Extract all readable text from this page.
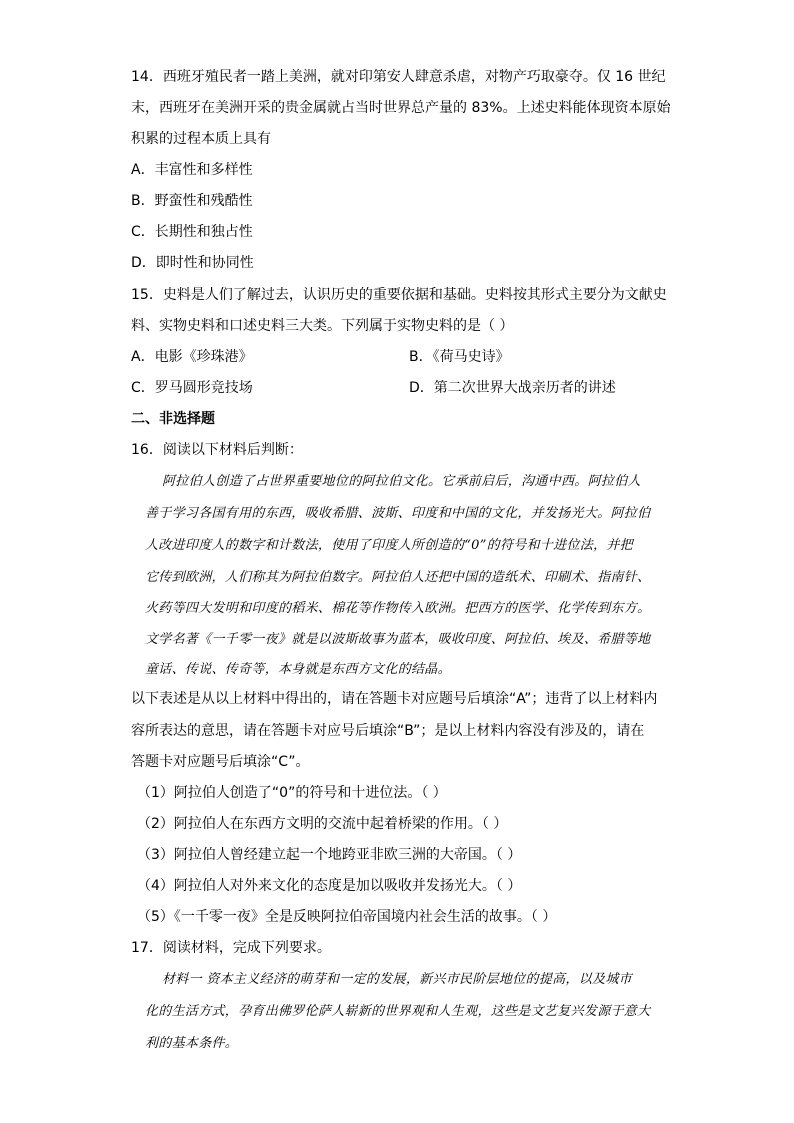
14．西班牙殖民者一踏上美洲，就对印第安人肆意杀虐，对物产巧取豪夺。仅 16 世纪
末，西班牙在美洲开采的贵金属就占当时世界总产量的 83%。上述史料能体现资本原始
积累的过程本质上具有
A．丰富性和多样性
B．野蛮性和残酷性
C．长期性和独占性
D．即时性和协同性
15．史料是人们了解过去，认识历史的重要依据和基础。史料按其形式主要分为文献史
料、实物史料和口述史料三大类。下列属于实物史料的是（ ）
A．电影《珍珠港》	B．《荷马史诗》
C．罗马圆形竞技场	D．第二次世界大战亲历者的讲述
二、非选择题
16．阅读以下材料后判断：
阿拉伯人创造了占世界重要地位的阿拉伯文化。它承前启后，沟通中西。阿拉伯人
善于学习各国有用的东西，吸收希腊、波斯、印度和中国的文化，并发扬光大。阿拉伯
人改进印度人的数字和计数法，使用了印度人所创造的“0”的符号和十进位法，并把
它传到欧洲，人们称其为阿拉伯数字。阿拉伯人还把中国的造纸术、印刷术、指南针、
火药等四大发明和印度的稻米、棉花等作物传入欧洲。把西方的医学、化学传到东方。
文学名著《一千零一夜》就是以波斯故事为蓝本，吸收印度、阿拉伯、埃及、希腊等地
童话、传说、传奇等，本身就是东西方文化的结晶。
以下表述是从以上材料中得出的，请在答题卡对应题号后填涂“A”；违背了以上材料内
容所表达的意思，请在答题卡对应号后填涂“B”；是以上材料内容没有涉及的，请在
答题卡对应题号后填涂“C”。
（1）阿拉伯人创造了“0”的符号和十进位法。（ ）
（2）阿拉伯人在东西方文明的交流中起着桥梁的作用。（ ）
（3）阿拉伯人曾经建立起一个地跨亚非欧三洲的大帝国。（ ）
（4）阿拉伯人对外来文化的态度是加以吸收并发扬光大。（ ）
（5）《一千零一夜》全是反映阿拉伯帝国境内社会生活的故事。（ ）
17．阅读材料，完成下列要求。
材料一 资本主义经济的萌芽和一定的发展，新兴市民阶层地位的提高，以及城市
化的生活方式，孕育出佛罗伦萨人崭新的世界观和人生观，这些是文艺复兴发源于意大
利的基本条件。
